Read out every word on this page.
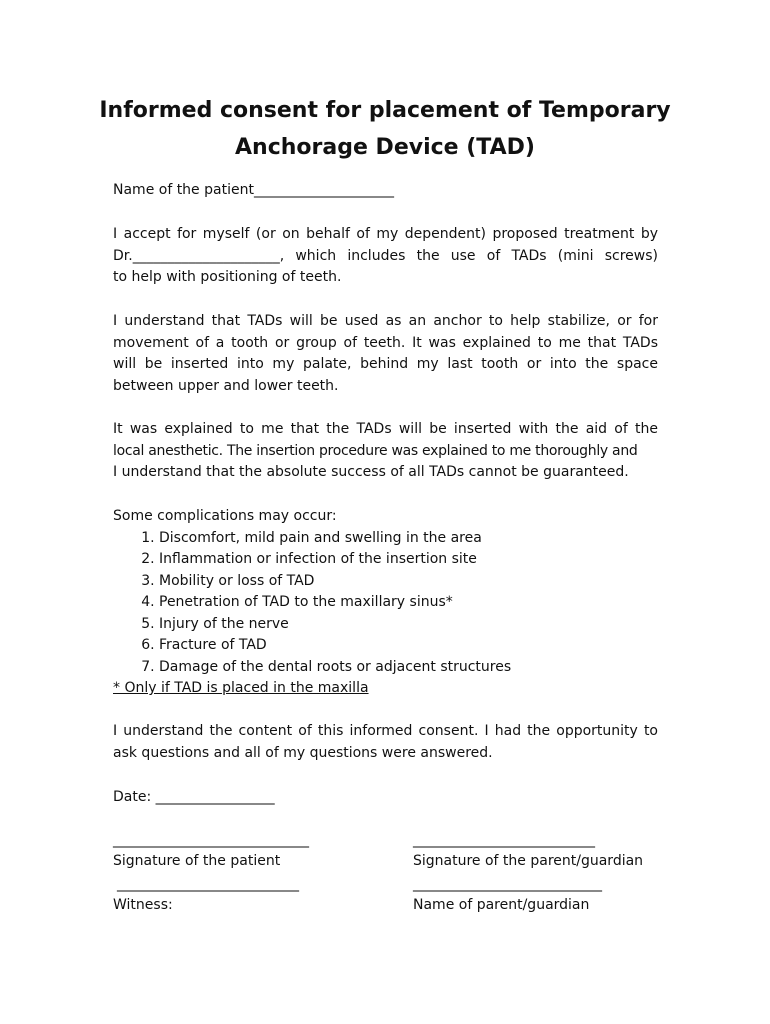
Informed consent for placement of Temporary
Anchorage Device (TAD)

Name of the patient____________________

I accept for myself (or on behalf of my dependent) proposed treatment by
Dr._____________________, which includes the use of TADs (mini screws)
to help with positioning of teeth.

I understand that TADs will be used as an anchor to help stabilize, or for
movement of a tooth or group of teeth. It was explained to me that TADs
will be inserted into my palate, behind my last tooth or into the space
between upper and lower teeth.

It was explained to me that the TADs will be inserted with the aid of the
local anesthetic. The insertion procedure was explained to me thoroughly and
I understand that the absolute success of all TADs cannot be guaranteed.

Some complications may occur:
1. Discomfort, mild pain and swelling in the area
2. Inflammation or infection of the insertion site
3. Mobility or loss of TAD
4. Penetration of TAD to the maxillary sinus*
5. Injury of the nerve
6. Fracture of TAD
7. Damage of the dental roots or adjacent structures
* Only if TAD is placed in the maxilla

I understand the content of this informed consent. I had the opportunity to
ask questions and all of my questions were answered.

Date: _________________

____________________________
Signature of the patient
__________________________
Signature of the parent/guardian
__________________________
Witness:
___________________________
Name of parent/guardian
